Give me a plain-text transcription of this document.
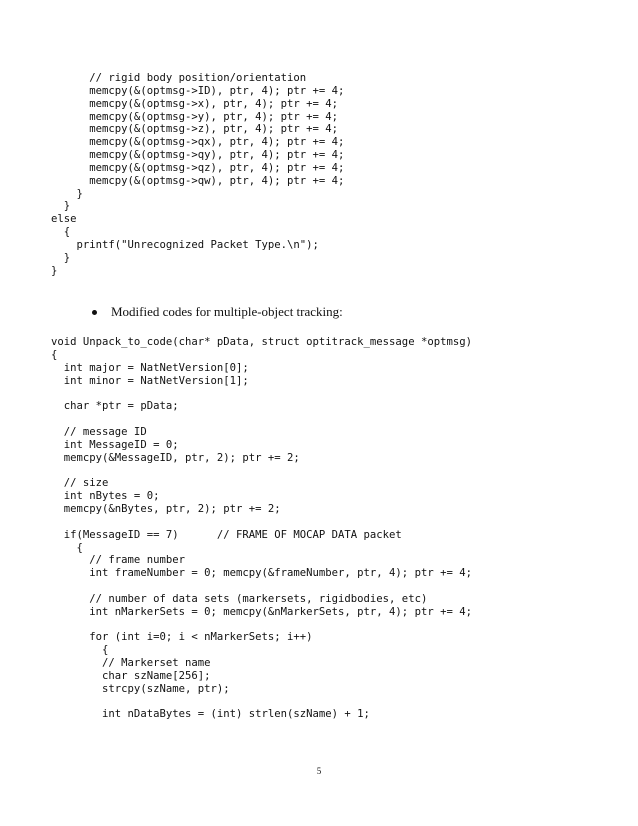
// rigid body position/orientation
memcpy(&(optmsg->ID), ptr, 4); ptr += 4;
memcpy(&(optmsg->x), ptr, 4); ptr += 4;
memcpy(&(optmsg->y), ptr, 4); ptr += 4;
memcpy(&(optmsg->z), ptr, 4); ptr += 4;
memcpy(&(optmsg->qx), ptr, 4); ptr += 4;
memcpy(&(optmsg->qy), ptr, 4); ptr += 4;
memcpy(&(optmsg->qz), ptr, 4); ptr += 4;
memcpy(&(optmsg->qw), ptr, 4); ptr += 4;
}
}
else
{
printf("Unrecognized Packet Type.\n");
}
}
Modified codes for multiple-object tracking:
void Unpack_to_code(char* pData, struct optitrack_message *optmsg)
{
int major = NatNetVersion[0];
int minor = NatNetVersion[1];
char *ptr = pData;
// message ID
int MessageID = 0;
memcpy(&MessageID, ptr, 2); ptr += 2;
// size
int nBytes = 0;
memcpy(&nBytes, ptr, 2); ptr += 2;
if(MessageID == 7)      // FRAME OF MOCAP DATA packet
{
// frame number
int frameNumber = 0; memcpy(&frameNumber, ptr, 4); ptr += 4;
// number of data sets (markersets, rigidbodies, etc)
int nMarkerSets = 0; memcpy(&nMarkerSets, ptr, 4); ptr += 4;
for (int i=0; i < nMarkerSets; i++)
{
// Markerset name
char szName[256];
strcpy(szName, ptr);
int nDataBytes = (int) strlen(szName) + 1;
5
